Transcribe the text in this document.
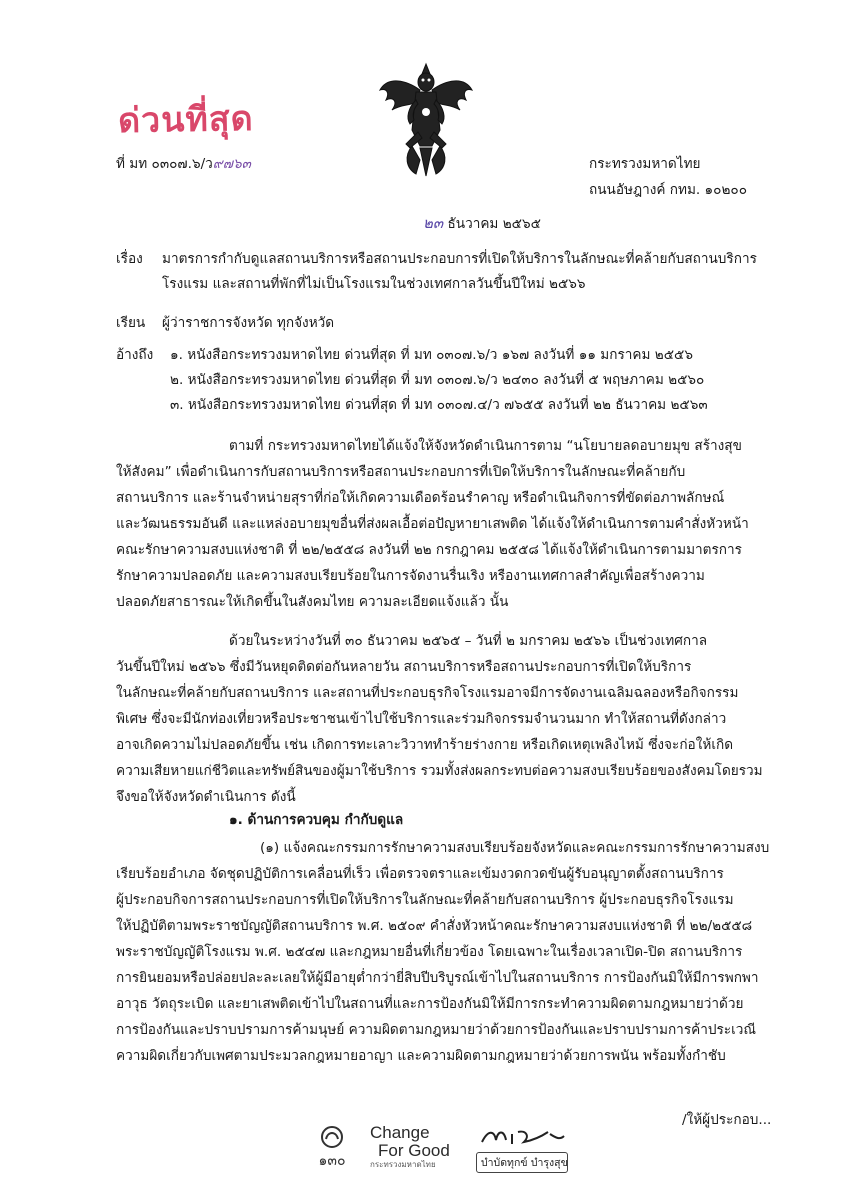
ด่วนที่สุด
ที่ มท ๐๓๐๗.๖/ว๙๗๖๓	กระทรวงมหาดไทย
ถนนอัษฎางค์ กทม. ๑๐๒๐๐
๒๓ ธันวาคม ๒๕๖๕
เรื่อง มาตรการกำกับดูแลสถานบริการหรือสถานประกอบการที่เปิดให้บริการในลักษณะที่คล้ายกับสถานบริการ
โรงแรม และสถานที่พักที่ไม่เป็นโรงแรมในช่วงเทศกาลวันขึ้นปีใหม่ ๒๕๖๖
เรียน ผู้ว่าราชการจังหวัด ทุกจังหวัด
อ้างถึง ๑. หนังสือกระทรวงมหาดไทย ด่วนที่สุด ที่ มท ๐๓๐๗.๖/ว ๑๖๗ ลงวันที่ ๑๑ มกราคม ๒๕๕๖
๒. หนังสือกระทรวงมหาดไทย ด่วนที่สุด ที่ มท ๐๓๐๗.๖/ว ๒๔๓๐ ลงวันที่ ๕ พฤษภาคม ๒๕๖๐
๓. หนังสือกระทรวงมหาดไทย ด่วนที่สุด ที่ มท ๐๓๐๗.๔/ว ๗๖๕๕ ลงวันที่ ๒๒ ธันวาคม ๒๕๖๓
ตามที่ กระทรวงมหาดไทยได้แจ้งให้จังหวัดดำเนินการตาม “นโยบายลดอบายมุข สร้างสุข
ให้สังคม” เพื่อดำเนินการกับสถานบริการหรือสถานประกอบการที่เปิดให้บริการในลักษณะที่คล้ายกับ
สถานบริการ และร้านจำหน่ายสุราที่ก่อให้เกิดความเดือดร้อนรำคาญ หรือดำเนินกิจการที่ขัดต่อภาพลักษณ์
และวัฒนธรรมอันดี และแหล่งอบายมุขอื่นที่ส่งผลเอื้อต่อปัญหายาเสพติด ได้แจ้งให้ดำเนินการตามคำสั่งหัวหน้า
คณะรักษาความสงบแห่งชาติ ที่ ๒๒/๒๕๕๘ ลงวันที่ ๒๒ กรกฎาคม ๒๕๕๘ ได้แจ้งให้ดำเนินการตามมาตรการ
รักษาความปลอดภัย และความสงบเรียบร้อยในการจัดงานรื่นเริง หรืองานเทศกาลสำคัญเพื่อสร้างความ
ปลอดภัยสาธารณะให้เกิดขึ้นในสังคมไทย ความละเอียดแจ้งแล้ว นั้น
ด้วยในระหว่างวันที่ ๓๐ ธันวาคม ๒๕๖๕ – วันที่ ๒ มกราคม ๒๕๖๖ เป็นช่วงเทศกาล
วันขึ้นปีใหม่ ๒๕๖๖ ซึ่งมีวันหยุดติดต่อกันหลายวัน สถานบริการหรือสถานประกอบการที่เปิดให้บริการ
ในลักษณะที่คล้ายกับสถานบริการ และสถานที่ประกอบธุรกิจโรงแรมอาจมีการจัดงานเฉลิมฉลองหรือกิจกรรม
พิเศษ ซึ่งจะมีนักท่องเที่ยวหรือประชาชนเข้าไปใช้บริการและร่วมกิจกรรมจำนวนมาก ทำให้สถานที่ดังกล่าว
อาจเกิดความไม่ปลอดภัยขึ้น เช่น เกิดการทะเลาะวิวาททำร้ายร่างกาย หรือเกิดเหตุเพลิงไหม้ ซึ่งจะก่อให้เกิด
ความเสียหายแก่ชีวิตและทรัพย์สินของผู้มาใช้บริการ รวมทั้งส่งผลกระทบต่อความสงบเรียบร้อยของสังคมโดยรวม
จึงขอให้จังหวัดดำเนินการ ดังนี้
๑. ด้านการควบคุม กำกับดูแล
(๑) แจ้งคณะกรรมการรักษาความสงบเรียบร้อยจังหวัดและคณะกรรมการรักษาความสงบ
เรียบร้อยอำเภอ จัดชุดปฏิบัติการเคลื่อนที่เร็ว เพื่อตรวจตราและเข้มงวดกวดขันผู้รับอนุญาตตั้งสถานบริการ
ผู้ประกอบกิจการสถานประกอบการที่เปิดให้บริการในลักษณะที่คล้ายกับสถานบริการ ผู้ประกอบธุรกิจโรงแรม
ให้ปฏิบัติตามพระราชบัญญัติสถานบริการ พ.ศ. ๒๕๐๙ คำสั่งหัวหน้าคณะรักษาความสงบแห่งชาติ ที่ ๒๒/๒๕๕๘
พระราชบัญญัติโรงแรม พ.ศ. ๒๕๔๗ และกฎหมายอื่นที่เกี่ยวข้อง โดยเฉพาะในเรื่องเวลาเปิด-ปิด สถานบริการ
การยินยอมหรือปล่อยปละละเลยให้ผู้มีอายุต่ำกว่ายี่สิบปีบริบูรณ์เข้าไปในสถานบริการ การป้องกันมิให้มีการพกพา
อาวุธ วัตถุระเบิด และยาเสพติดเข้าไปในสถานที่และการป้องกันมิให้มีการกระทำความผิดตามกฎหมายว่าด้วย
การป้องกันและปราบปรามการค้ามนุษย์ ความผิดตามกฎหมายว่าด้วยการป้องกันและปราบปรามการค้าประเวณี
ความผิดเกี่ยวกับเพศตามประมวลกฎหมายอาญา และความผิดตามกฎหมายว่าด้วยการพนัน พร้อมทั้งกำชับ
/ให้ผู้ประกอบ...
๑๓๐
Change
For Good
กระทรวงมหาดไทย	บำบัดทุกข์ บำรุงสุข
